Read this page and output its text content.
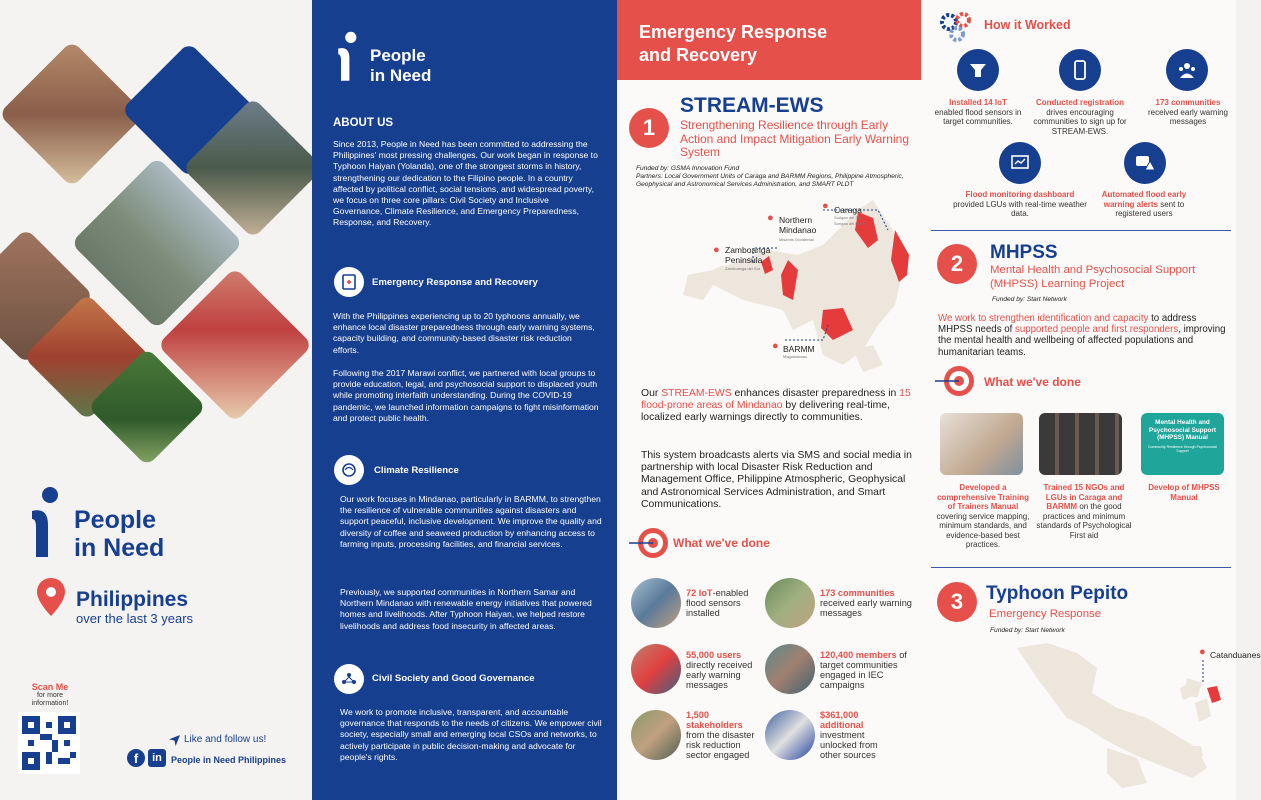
People
in Need
Philippines
over the last 3 years
Scan Me
for more information!
Like and follow us!
f	in	People in Need Philippines
People
in Need
ABOUT US
Since 2013, People in Need has been committed to addressing the Philippines' most pressing challenges. Our work began in response to Typhoon Haiyan (Yolanda), one of the strongest storms in history, strengthening our dedication to the Filipino people. In a country affected by political conflict, social tensions, and widespread poverty, we focus on three core pillars: Civil Society and Inclusive Governance, Climate Resilience, and Emergency Preparedness, Response, and Recovery.
Emergency Response and Recovery
With the Philippines experiencing up to 20 typhoons annually, we enhance local disaster preparedness through early warning systems, capacity building, and community-based disaster risk reduction efforts.
Following the 2017 Marawi conflict, we partnered with local groups to provide education, legal, and psychosocial support to displaced youth while promoting interfaith understanding. During the COVID-19 pandemic, we launched information campaigns to fight misinformation and protect public health.
Climate Resilience
Our work focuses in Mindanao, particularly in BARMM, to strengthen the resilience of vulnerable communities against disasters and support peaceful, inclusive development. We improve the quality and diversity of coffee and seaweed production by enhancing access to farming inputs, processing facilities, and financial services.
Previously, we supported communities in Northern Samar and Northern Mindanao with renewable energy initiatives that powered homes and livelihoods. After Typhoon Haiyan, we helped restore livelihoods and address food insecurity in affected areas.
Civil Society and Good Governance
We work to promote inclusive, transparent, and accountable governance that responds to the needs of citizens. We empower civil society, especially small and emerging local CSOs and networks, to actively participate in public decision-making and advocate for people's rights.
Emergency Response
and Recovery
1
STREAM-EWS
Strengthening Resilience through Early Action and Impact Mitigation Early Warning System
Funded by: GSMA Innovation Fund
Partners: Local Government Units of Caraga and BARMM Regions, Philippine Atmospheric, Geophysical and Astronomical Services Administration, and SMART PLDT
● Northern Mindanao
Misamis Occidental
● Caraga
Surigao del Sur
Surigao del Norte
● Zamboanga Peninsula
Zamboanga del Sur
● BARMM
Maguindanao
Our STREAM-EWS enhances disaster preparedness in 15 flood-prone areas of Mindanao by delivering real-time, localized early warnings directly to communities.
This system broadcasts alerts via SMS and social media in partnership with local Disaster Risk Reduction and Management Office, Philippine Atmospheric, Geophysical and Astronomical Services Administration, and Smart Communications.
What we've done
72 IoT-enabled flood sensors installed
173 communities
received early warning messages
55,000 users
directly received early warning messages
120,400 members of target communities engaged in IEC campaigns
1,500 stakeholders
from the disaster risk reduction sector engaged
$361,000 additional
investment unlocked from other sources
How it Worked
Installed 14 IoT
enabled flood sensors in target communities.
Conducted registration
drives encouraging communities to sign up for STREAM-EWS.
173 communities
received early warning messages
Flood monitoring dashboard
provided LGUs with real-time weather data.
Automated flood early warning alerts sent to registered users
2	MHPSS
Mental Health and Psychosocial Support (MHPSS) Learning Project
Funded by: Start Network
We work to strengthen identification and capacity to address MHPSS needs of supported people and first responders, improving the mental health and wellbeing of affected populations and humanitarian teams.
What we've done
Developed a comprehensive Training of Trainers Manual covering service mapping, minimum standards, and evidence-based best practices.
Trained 15 NGOs and LGUs in Caraga and BARMM on the good practices and minimum standards of Psychological First aid
Mental Health and Psychosocial Support (MHPSS) Manual
Community Resilience through Psychosocial Support
Develop of MHPSS Manual
3	Typhoon Pepito
Emergency Response
Funded by: Start Network
● Catanduanes
